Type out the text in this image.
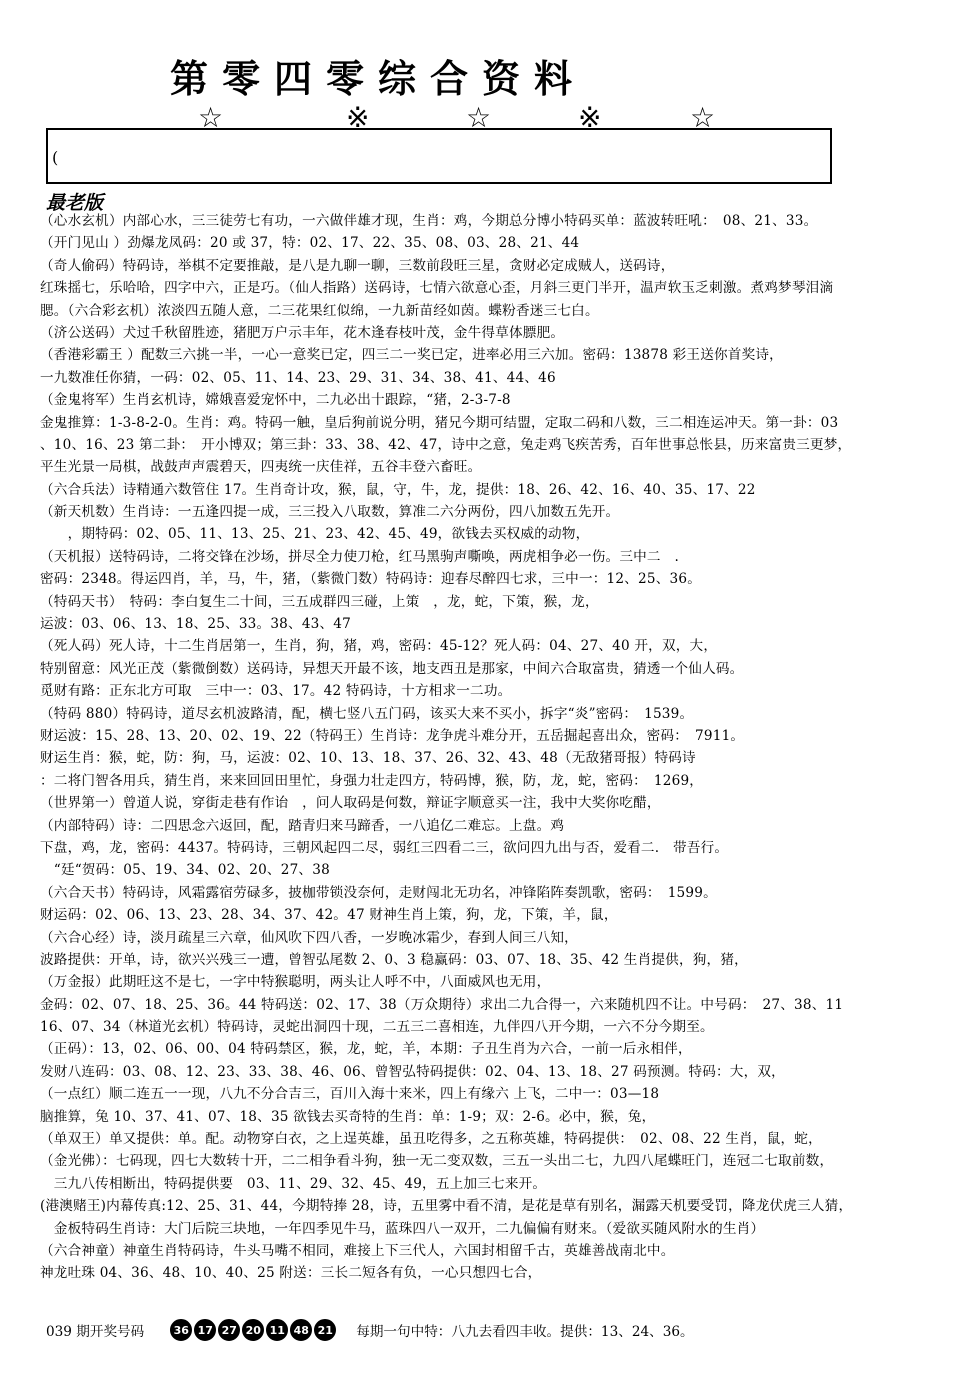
第零四零综合资料
☆	※	☆	※	☆
(
最老版
（心水玄机）内部心水，三三徒劳七有功，一六做伴雄才现，生肖：鸡，今期总分博小特码买单：蓝波转旺吼：　08、21、33。
（开门见山 ）劲爆龙凤码：20 或 37，特：02、17、22、35、08、03、28、21、44
（奇人偷码）特码诗，举棋不定要推敲，是八是九聊一聊，三数前段旺三星，贪财必定成贼人，送码诗，
红珠摇七，乐哈哈，四字中六，正是巧。（仙人指路）送码诗，七情六欲意心歪，月斜三更门半开，温声软玉乏刺激。煮鸡梦琴泪滴
腮。（六合彩玄机）浓淡四五随人意，二三花果红似绵，一九新苗经如茵。蝶粉香迷三七白。
（济公送码）犬过千秋留胜迹，猪肥万户示丰年，花木逢春枝叶茂，金牛得草体膘肥。
（香港彩霸王 ）配数三六挑一半，一心一意奖已定，四三二一奖已定，进率必用三六加。密码：13878 彩王送你首奖诗，
一九数准任你猜，一码：02、05、11、14、23、29、31、34、38、41、44、46
（金鬼将军）生肖玄机诗，嫦娥喜爱宠怀中，二九必出十跟踪，“猪，2-3-7-8
金鬼推算：1-3-8-2-0。生肖：鸡。特码一触，皇后狗前说分明，猪兄今期可结盟，定取二码和八数，三二相连运冲天。第一卦：03
、10、16、23 第二卦：　开小博双；第三卦：33、38、42、47，诗中之意，兔走鸡飞疾苦秀，百年世事总怅县，历来富贵三更梦，
平生光景一局棋，战鼓声声震碧天，四夷统一庆佳祥，五谷丰登六畜旺。
（六合兵法）诗精通六数管住 17。生肖奇计攻，猴，鼠，守，牛，龙，提供：18、26、42、16、40、35、17、22
（新天机数）生肖诗：一五逢四提一成，三三投入八取数，算准二六分两份，四八加数五先开。
　　，期特码：02、05、11、13、25、21、23、42、45、49，欲钱去买权威的动物，
（天机报）送特码诗，二将交锋在沙场，拼尽全力使刀枪，红马黑驹声嘶唤，两虎相争必一伤。三中二　.
密码：2348。得运四肖，羊，马，牛，猪，（紫微门数）特码诗：迎春尽醉四七求，三中一：12、25、36。
（特码天书）　特码：李白复生二十间，三五成群四三碰，上策　，龙，蛇，下策，猴，龙，
运波：03、06、13、18、25、33。38、43、47
（死人码）死人诗，十二生肖居第一，生肖，狗，猪，鸡，密码：45-12？死人码：04、27、40 开，双，大，
特别留意：风光正茂（紫微倒数）送码诗，异想天开最不该，地支西丑是那家，中间六合取富贵，猜透一个仙人码。
觅财有路：正东北方可取　三中一：03、17。42 特码诗，十方相求一二功。
（特码 880）特码诗，道尽玄机波路清，配，横七竖八五门码，该买大来不买小，拆字“炎”密码：　1539。
财运波：15、28、13、20、02、19、22（特码王）生肖诗：龙争虎斗难分开，五岳掘起喜出众，密码：　7911。
财运生肖：猴，蛇，防：狗，马，运波：02、10、13、18、37、26、32、43、48（无敌猪哥报）特码诗
：二将门智各用兵，猜生肖，来来回回田里忙，身强力壮走四方，特码博，猴，防，龙，蛇，密码：　1269，
（世界第一）曾道人说，穿街走巷有作诒　，问人取码是何数，辩证字顺意买一注，我中大奖你吃醋，
（内部特码）诗：二四思念六返回，配，踏青归来马蹄香，一八追亿二难忘。上盘。鸡
下盘，鸡，龙，密码：4437。特码诗，三朝风起四二尽，弱红三四看二三，欲问四九出与否，爱看二.　带吾行。
　“廷“贺码：05、19、34、02、20、27、38
（六合天书）特码诗，风霜露宿劳碌多，披枷带锁没奈何，走财闯北无功名，冲锋陷阵奏凯歌，密码：　1599。
财运码：02、06、13、23、28、34、37、42。47 财神生肖上策，狗，龙，下策，羊，鼠，
（六合心经）诗，淡月疏星三六章，仙风吹下四八香，一岁晚冰霜少，春到人间三八知，
波路提供：开单，诗，欲兴兴残三一遭，曾智弘尾数 2、0、3 稳赢码：03、07、18、35、42 生肖提供，狗，猪，
（万金报）此期旺这不是七，一字中特猴聪明，两头让人呼不中，八面威风也无用，
金码：02、07、18、25、36。44 特码送：02、17、38（万众期待）求出二九合得一，六来随机四不让。中号码：　27、38、11
16、07、34（林道光玄机）特码诗，灵蛇出洞四十现，二五三二喜相连，九伴四八开今期，一六不分今期至。
（正码）：13，02、06、00、04 特码禁区，猴，龙，蛇，羊，本期：子丑生肖为六合，一前一后永相伴，
发财八连码：03、08、12、23、33、38、46、06、曾智弘特码提供：02、04、13、18、27 码预测。特码：大，双，
（一点红）顺二连五一一现，八九不分合吉三，百川入海十来米，四上有缘六 上飞，二中一：03—18
脑推算，兔 10、37、41、07、18、35 欲钱去买奇特的生肖：单：1-9；双：2-6。必中，猴，兔，
（单双王）单又提供：单。配。动物穿白衣，之上逞英雄，虽丑吃得多，之五称英雄，特码提供：　02、08、22 生肖，鼠，蛇，
（金光佛）：七码现，四七大数转十开，二二相争看斗狗，独一无二变双数，三五一头出二七，九四八尾蝶旺门，连冠二七取前数，
　三九八传相断出，特码提供要　03、11、29、32、45、49，五上加三七来开。
(港澳赌王)内幕传真:12、25、31、44，今期特捧 28，诗，五里雾中看不清，是花是草有别名，漏露天机要受罚，降龙伏虎三人猜，
　金板特码生肖诗：大门后院三块地，一年四季见牛马，蓝珠四八一双开，二九偏偏有财来。（爱欲买随风附水的生肖）
（六合神童）神童生肖特码诗，牛头马嘴不相同，难接上下三代人，六国封相留千古，英雄善战南北中。
神龙吐珠 04、36、48、10、40、25 附送：三长二短各有负，一心只想四七合，
039 期开奖号码	36 17 27 20 11 48 21 每期一句中特：八九去看四丰收。提供：13、24、36。
